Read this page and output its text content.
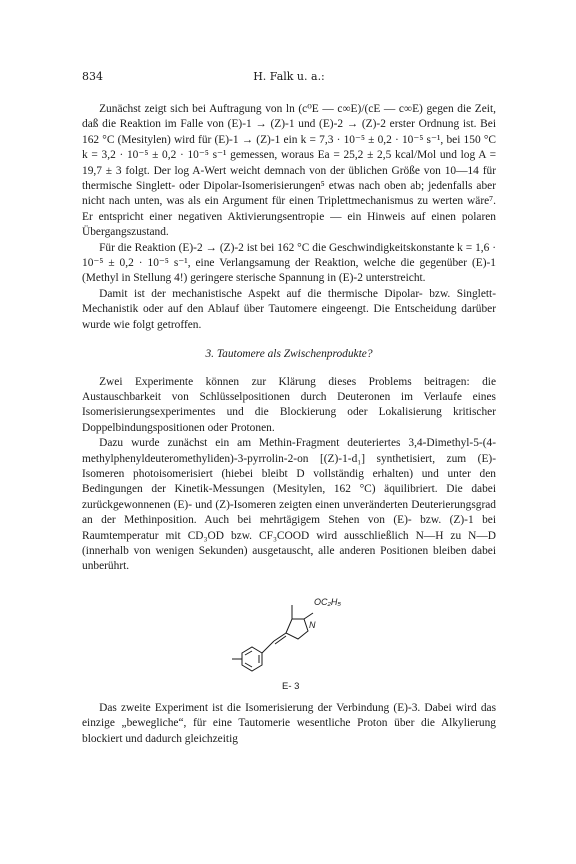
834	H. Falk u. a.:

Zunächst zeigt sich bei Auftragung von ln (c⁰E — c∞E)/(cE — c∞E) gegen die Zeit, daß die Reaktion im Falle von (E)-1 → (Z)-1 und (E)-2 → (Z)-2 erster Ordnung ist. Bei 162 °C (Mesitylen) wird für (E)-1 → (Z)-1 ein k = 7,3 · 10⁻⁵ ± 0,2 · 10⁻⁵ s⁻¹, bei 150 °C k = 3,2 · 10⁻⁵ ± 0,2 · 10⁻⁵ s⁻¹ gemessen, woraus Ea = 25,2 ± 2,5 kcal/Mol und log A = 19,7 ± 3 folgt. Der log A-Wert weicht demnach von der üblichen Größe von 10—14 für thermische Singlett- oder Dipolar-Isomerisierungen⁵ etwas nach oben ab; jedenfalls aber nicht nach unten, was als ein Argument für einen Triplettmechanismus zu werten wäre⁷. Er entspricht einer negativen Aktivierungsentropie — ein Hinweis auf einen polaren Übergangszustand.

Für die Reaktion (E)-2 → (Z)-2 ist bei 162 °C die Geschwindigkeitskonstante k = 1,6 · 10⁻⁵ ± 0,2 · 10⁻⁵ s⁻¹, eine Verlangsamung der Reaktion, welche die gegenüber (E)-1 (Methyl in Stellung 4!) geringere sterische Spannung in (E)-2 unterstreicht.

Damit ist der mechanistische Aspekt auf die thermische Dipolar- bzw. Singlett-Mechanistik oder auf den Ablauf über Tautomere eingeengt. Die Entscheidung darüber wurde wie folgt getroffen.

3. Tautomere als Zwischenprodukte?

Zwei Experimente können zur Klärung dieses Problems beitragen: die Austauschbarkeit von Schlüsselpositionen durch Deuteronen im Verlaufe eines Isomerisierungsexperimentes und die Blockierung oder Lokalisierung kritischer Doppelbindungspositionen oder Protonen.

Dazu wurde zunächst ein am Methin-Fragment deuteriertes 3,4-Dimethyl-5-(4-methylphenyldeuteromethyliden)-3-pyrrolin-2-on [(Z)-1-d₁] synthetisiert, zum (E)-Isomeren photoisomerisiert (hiebei bleibt D vollständig erhalten) und unter den Bedingungen der Kinetik-Messungen (Mesitylen, 162 °C) äquilibriert. Die dabei zurückgewonnenen (E)- und (Z)-Isomeren zeigten einen unveränderten Deuterierungsgrad an der Methinposition. Auch bei mehrtägigem Stehen von (E)- bzw. (Z)-1 bei Raumtemperatur mit CD₃OD bzw. CF₃COOD wird ausschließlich N—H zu N—D (innerhalb von wenigen Sekunden) ausgetauscht, alle anderen Positionen bleiben dabei unberührt.

OC₂H₅
N
E- 3

Das zweite Experiment ist die Isomerisierung der Verbindung (E)-3. Dabei wird das einzige „bewegliche“, für eine Tautomerie wesentliche Proton über die Alkylierung blockiert und dadurch gleichzeitig
